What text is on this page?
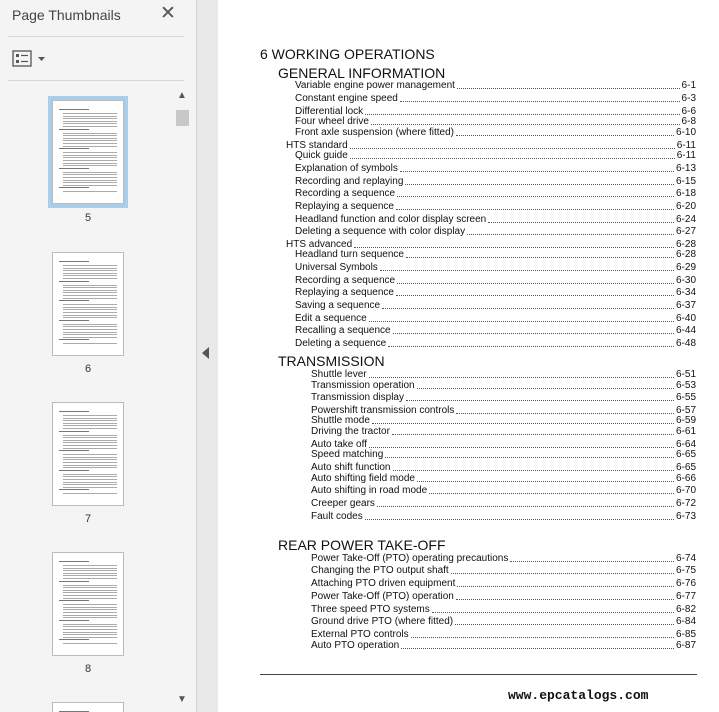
Page Thumbnails ✕
5
6
7
8
▲
▼
6 WORKING OPERATIONS
GENERAL INFORMATION
Variable engine power management	6-1
Constant engine speed	6-3
Differential lock	6-6
Four wheel drive	6-8
Front axle suspension (where fitted)	6-10
HTS standard	6-11
Quick guide	6-11
Explanation of symbols	6-13
Recording and replaying	6-15
Recording a sequence	6-18
Replaying a sequence	6-20
Headland function and color display screen	6-24
Deleting a sequence with color display	6-27
HTS advanced	6-28
Headland turn sequence	6-28
Universal Symbols	6-29
Recording a sequence	6-30
Replaying a sequence	6-34
Saving a sequence	6-37
Edit a sequence	6-40
Recalling a sequence	6-44
Deleting a sequence	6-48
TRANSMISSION
Shuttle lever	6-51
Transmission operation	6-53
Transmission display	6-55
Powershift transmission controls	6-57
Shuttle mode	6-59
Driving the tractor	6-61
Auto take off	6-64
Speed matching	6-65
Auto shift function	6-65
Auto shifting field mode	6-66
Auto shifting in road mode	6-70
Creeper gears	6-72
Fault codes	6-73
REAR POWER TAKE-OFF
Power Take-Off (PTO) operating precautions	6-74
Changing the PTO output shaft	6-75
Attaching PTO driven equipment	6-76
Power Take-Off (PTO) operation	6-77
Three speed PTO systems	6-82
Ground drive PTO (where fitted)	6-84
External PTO controls	6-85
Auto PTO operation	6-87
www.epcatalogs.com
